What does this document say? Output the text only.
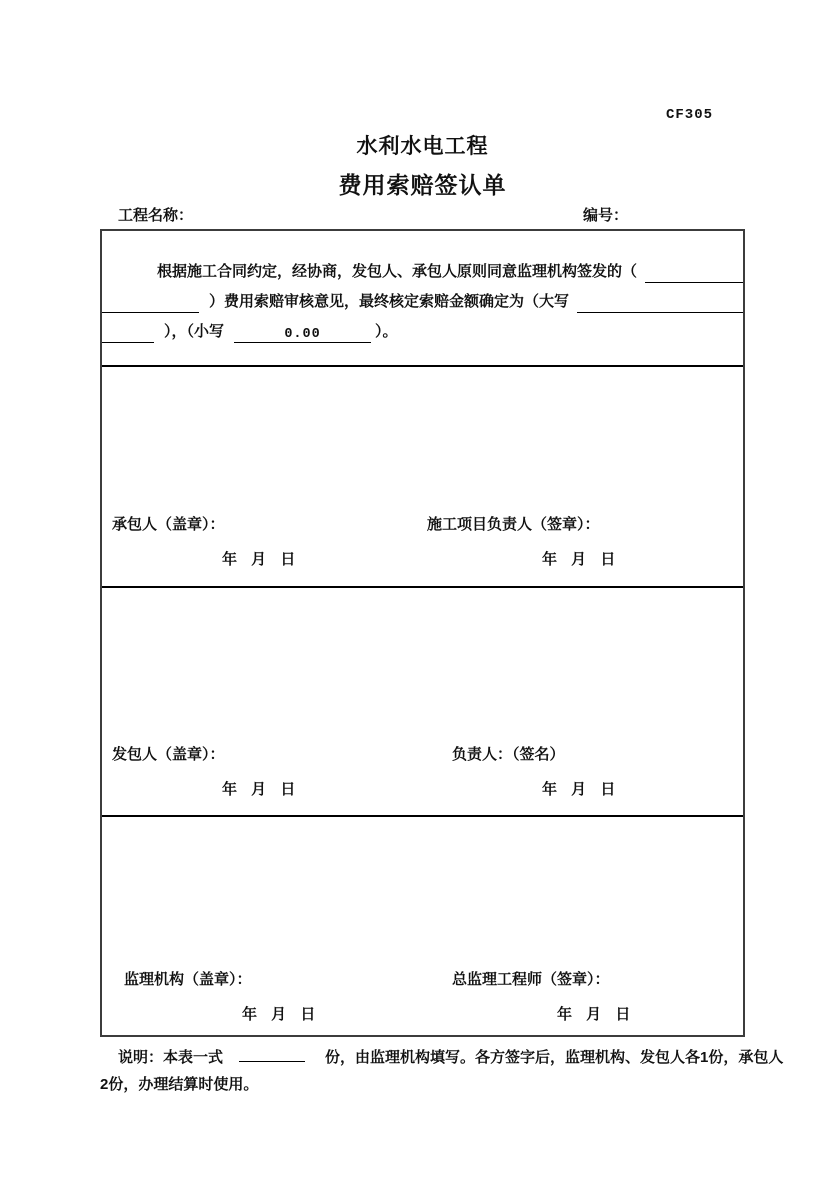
CF305
水利水电工程
费用索赔签认单
工程名称：	编号：
根据施工合同约定，经协商，发包人、承包人原则同意监理机构签发的（
）费用索赔审核意见，最终核定索赔金额确定为（大写
），（小写	0.00	）。
承包人（盖章）：	施工项目负责人（签章）：
年 月 日	年 月 日
发包人（盖章）：	负责人：（签名）
年 月 日	年 月 日
监理机构（盖章）：	总监理工程师（签章）：
年 月 日	年 月 日
说明：本表一式	份，由监理机构填写。各方签字后，监理机构、发包人各1份，承包人
2份，办理结算时使用。
